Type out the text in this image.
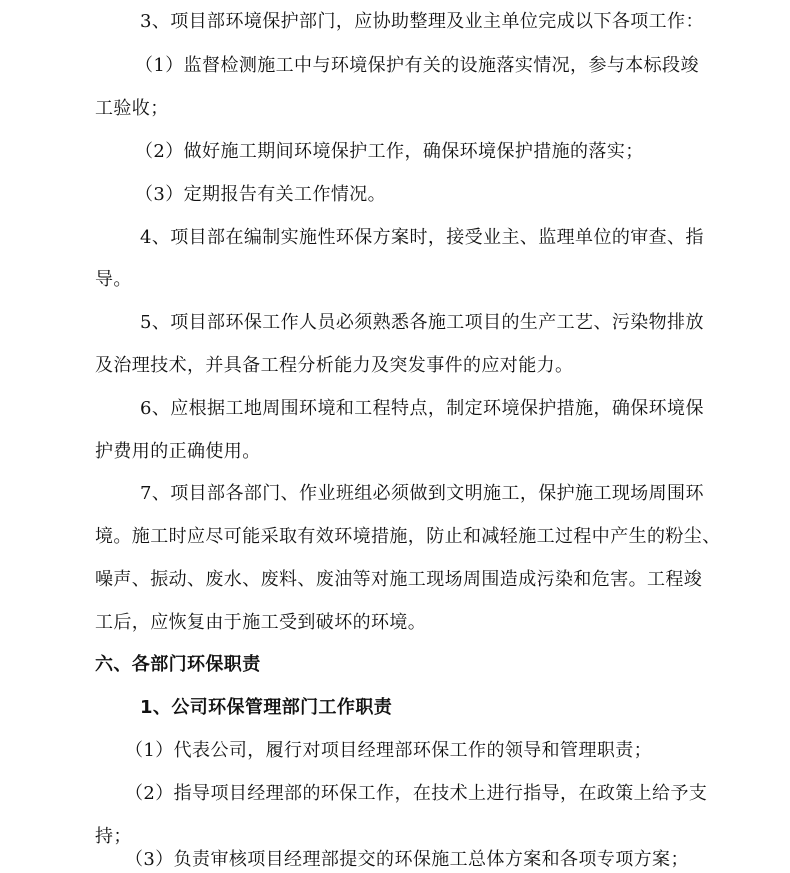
3、项目部环境保护部门，应协助整理及业主单位完成以下各项工作：
（1）监督检测施工中与环境保护有关的设施落实情况，参与本标段竣
工验收；
（2）做好施工期间环境保护工作，确保环境保护措施的落实；
（3）定期报告有关工作情况。
4、项目部在编制实施性环保方案时，接受业主、监理单位的审查、指
导。
5、项目部环保工作人员必须熟悉各施工项目的生产工艺、污染物排放
及治理技术，并具备工程分析能力及突发事件的应对能力。
6、应根据工地周围环境和工程特点，制定环境保护措施，确保环境保
护费用的正确使用。
7、项目部各部门、作业班组必须做到文明施工，保护施工现场周围环
境。施工时应尽可能采取有效环境措施，防止和减轻施工过程中产生的粉尘、
噪声、振动、废水、废料、废油等对施工现场周围造成污染和危害。工程竣
工后，应恢复由于施工受到破坏的环境。
六、各部门环保职责
1、公司环保管理部门工作职责
（1）代表公司，履行对项目经理部环保工作的领导和管理职责；
（2）指导项目经理部的环保工作，在技术上进行指导，在政策上给予支
持；
（3）负责审核项目经理部提交的环保施工总体方案和各项专项方案；
